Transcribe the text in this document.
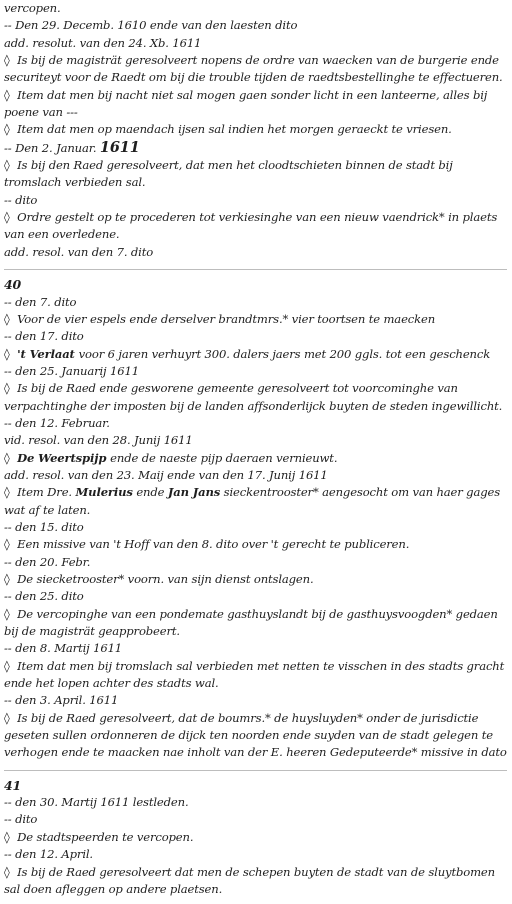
vercopen.
-- Den 29. Decemb. 1610 ende van den laesten dito
add. resolut. van den 24. Xb. 1611
◊ Is bij de magisträt geresolveert nopens de ordre van waecken van de burgerie ende securiteyt voor de Raedt om bij die trouble tijden de raedtsbestellinghe te effectueren.
◊ Item dat men bij nacht niet sal mogen gaen sonder licht in een lanteerne, alles bij poene van ---
◊ Item dat men op maendach ijsen sal indien het morgen geraeckt te vriesen.
-- Den 2. Januar. 1611
◊ Is bij den Raed geresolveert, dat men het cloodtschieten binnen de stadt bij tromslach verbieden sal.
-- dito
◊ Ordre gestelt op te procederen tot verkiesinghe van een nieuw vaendrick* in plaets van een overledene.
add. resol. van den 7. dito
40
-- den 7. dito
◊ Voor de vier espels ende derselver brandtmrs.* vier toortsen te maecken
-- den 17. dito
◊ 't Verlaat voor 6 jaren verhuyrt 300. dalers jaers met 200 ggls. tot een geschenck
-- den 25. Januarij 1611
◊ Is bij de Raed ende gesworene gemeente geresolveert tot voorcominghe van verpachtinghe der imposten bij de landen affsonderlijck buyten de steden ingewillicht.
-- den 12. Februar.
vid. resol. van den 28. Junij 1611
◊ De Weertspijp ende de naeste pijp daeraen vernieuwt.
add. resol. van den 23. Maij ende van den 17. Junij 1611
◊ Item Dre. Mulerius ende Jan Jans sieckentrooster* aengesocht om van haer gages wat af te laten.
-- den 15. dito
◊ Een missive van 't Hoff van den 8. dito over 't gerecht te publiceren.
-- den 20. Febr.
◊ De siecketrooster* voorn. van sijn dienst ontslagen.
-- den 25. dito
◊ De vercopinghe van een pondemate gasthuyslandt bij de gasthuysvoogden* gedaen bij de magisträt geapprobeert.
-- den 8. Martij 1611
◊ Item dat men bij tromslach sal verbieden met netten te visschen in des stadts gracht ende het lopen achter des stadts wal.
-- den 3. April. 1611
◊ Is bij de Raed geresolveert, dat de boumrs.* de huysluyden* onder de jurisdictie geseten sullen ordonneren de dijck ten noorden ende suyden van de stadt gelegen te verhogen ende te maacken nae inholt van der E. heeren Gedeputeerde* missive in dato
41
-- den 30. Martij 1611 lestleden.
-- dito
◊ De stadtspeerden te vercopen.
-- den 12. April.
◊ Is bij de Raed geresolveert dat men de schepen buyten de stadt van de sluytbomen sal doen afleggen op andere plaetsen.
